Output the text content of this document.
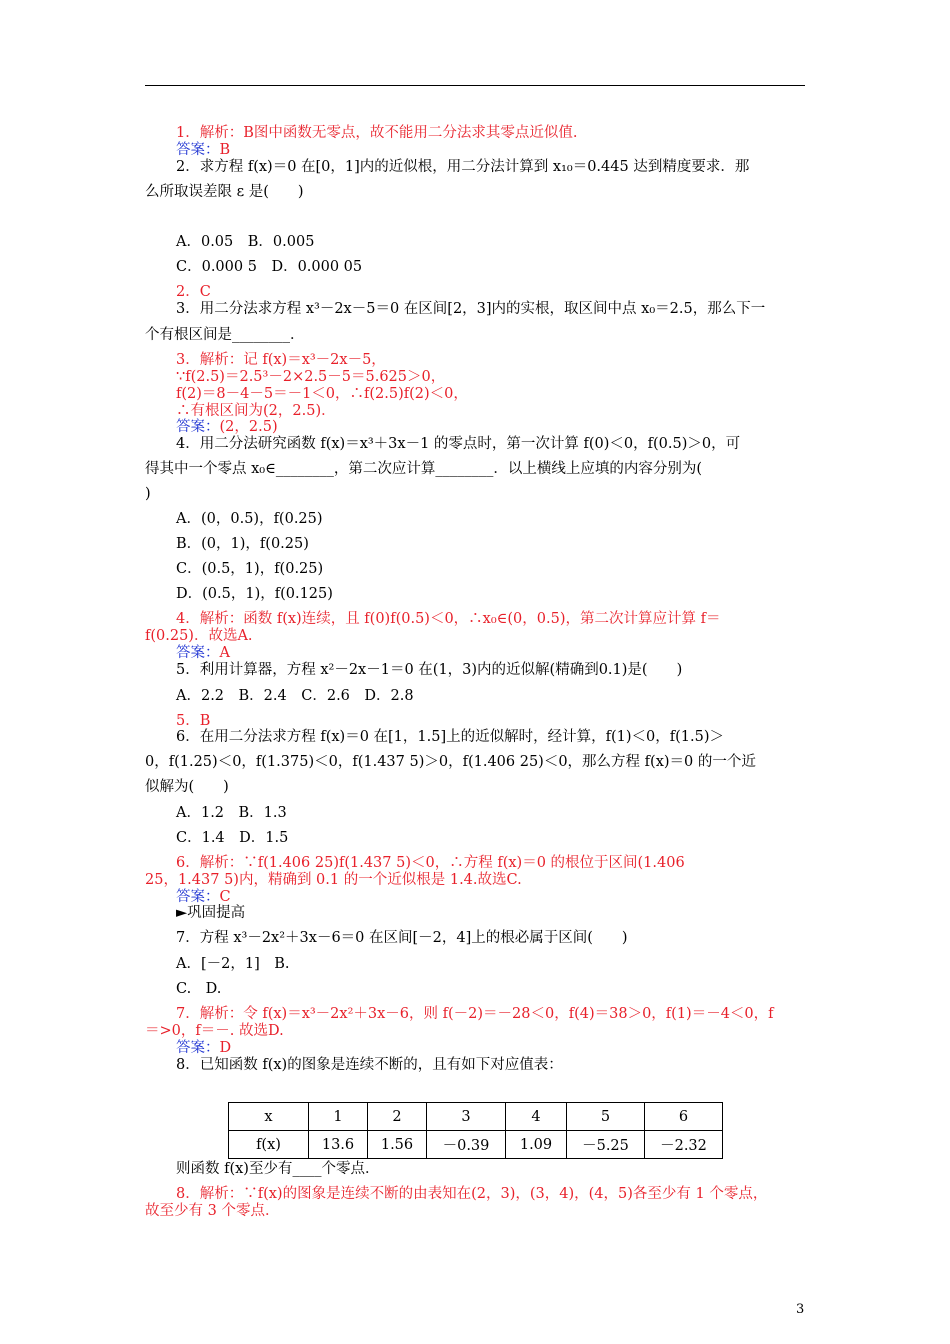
1．解析：B图中函数无零点，故不能用二分法求其零点近似值.
答案：B
2．求方程 f(x)＝0 在[0，1]内的近似根，用二分法计算到 x₁₀＝0.445 达到精度要求．那
么所取误差限 ε 是(　　)
A．0.05　B．0.005
C．0.000 5　D．0.000 05
2．C
3．用二分法求方程 x³－2x－5＝0 在区间[2，3]内的实根，取区间中点 x₀＝2.5，那么下一
个有根区间是________．
3．解析：记 f(x)＝x³－2x－5，
∵f(2.5)＝2.5³－2×2.5－5＝5.625＞0，
f(2)＝8－4－5＝－1＜0，∴f(2.5)f(2)＜0，
∴有根区间为(2，2.5)．
答案：(2，2.5)
4．用二分法研究函数 f(x)＝x³＋3x－1 的零点时，第一次计算 f(0)＜0，f(0.5)＞0，可
得其中一个零点 x₀∈________，第二次应计算________．以上横线上应填的内容分别为(
)
A．(0，0.5)，f(0.25)
B．(0，1)，f(0.25)
C．(0.5，1)，f(0.25)
D．(0.5，1)，f(0.125)
4．解析：函数 f(x)连续，且 f(0)f(0.5)＜0，∴x₀∈(0，0.5)，第二次计算应计算 f＝
f(0.25)．故选A.
答案：A
5．利用计算器，方程 x²－2x－1＝0 在(1，3)内的近似解(精确到0.1)是(　　)
A．2.2　B．2.4　C．2.6　D．2.8
5．B
6．在用二分法求方程 f(x)＝0 在[1，1.5]上的近似解时，经计算，f(1)＜0，f(1.5)＞
0，f(1.25)＜0，f(1.375)＜0，f(1.437 5)＞0，f(1.406 25)＜0，那么方程 f(x)＝0 的一个近
似解为(　　)
A．1.2　B．1.3
C．1.4　D．1.5
6．解析：∵f(1.406 25)f(1.437 5)＜0，∴方程 f(x)＝0 的根位于区间(1.406
25，1.437 5)内，精确到 0.1 的一个近似根是 1.4.故选C.
答案：C
►巩固提高
7．方程 x³－2x²＋3x－6＝0 在区间[－2，4]上的根必属于区间(　　)
A．[－2，1]　B.
C.　D.
7．解析：令 f(x)＝x³－2x²＋3x－6，则 f(－2)＝－28＜0，f(4)＝38＞0，f(1)＝－4＜0，f
＝>0，f＝－. 故选D.
答案：D
8．已知函数 f(x)的图象是连续不断的，且有如下对应值表：
则函数 f(x)至少有____个零点．
8．解析：∵f(x)的图象是连续不断的由表知在(2，3)，(3，4)，(4，5)各至少有 1 个零点，
故至少有 3 个零点．
x	1	2	3	4	5	6
f(x)	13.6	1.56	－0.39	1.09	－5.25	－2.32
3
